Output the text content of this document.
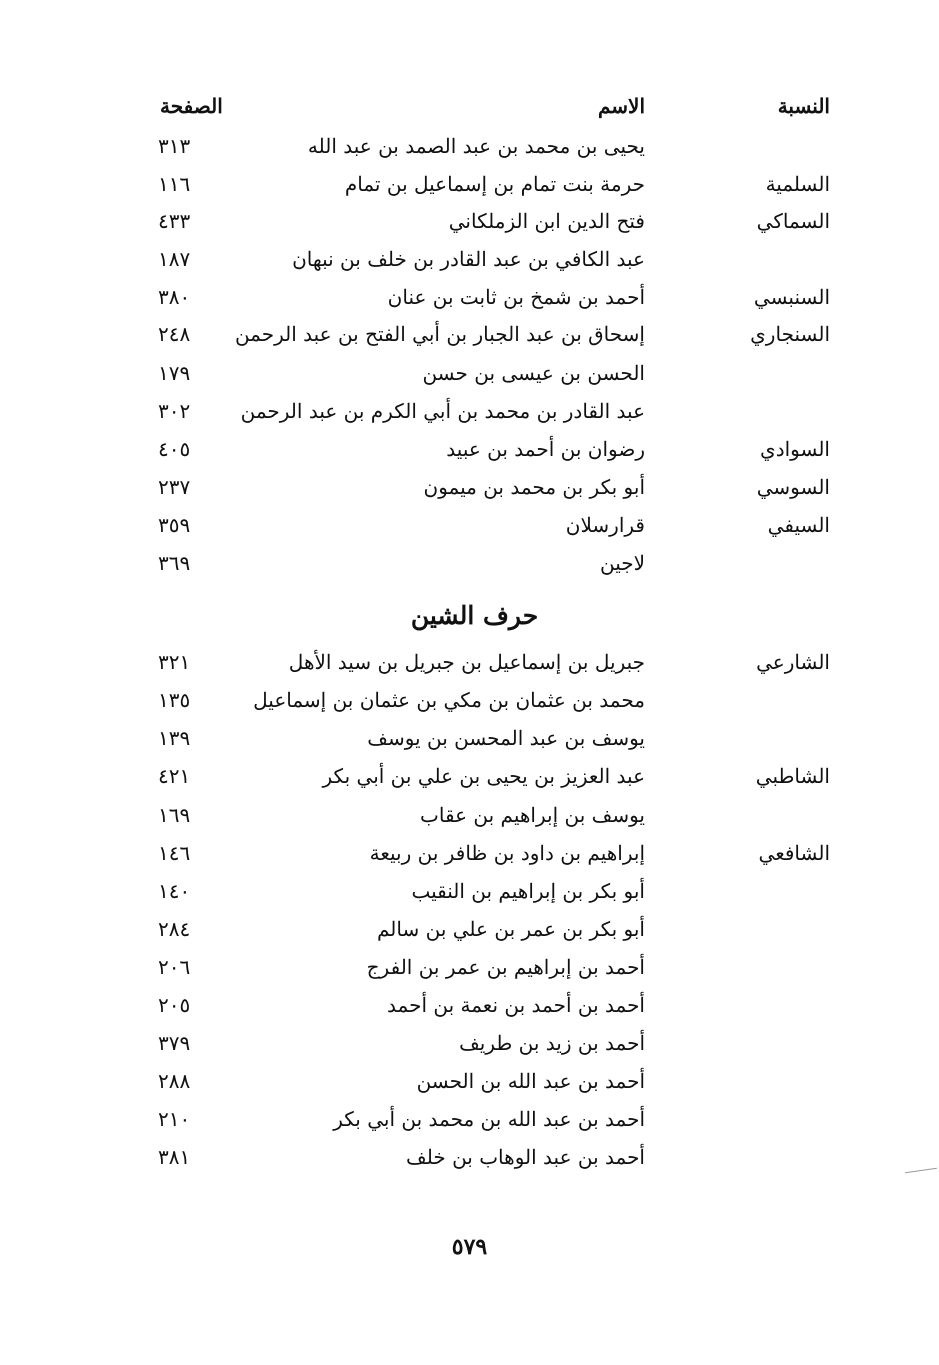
النسبة
الاسم
الصفحة
يحيى بن محمد بن عبد الصمد بن عبد الله
٣١٣
السلمية
حرمة بنت تمام بن إسماعيل بن تمام
١١٦
السماكي
فتح الدين ابن الزملكاني
٤٣٣
عبد الكافي بن عبد القادر بن خلف بن نبهان
١٨٧
السنبسي
أحمد بن شمخ بن ثابت بن عنان
٣٨٠
السنجاري
إسحاق بن عبد الجبار بن أبي الفتح بن عبد الرحمن
٢٤٨
الحسن بن عيسى بن حسن
١٧٩
عبد القادر بن محمد بن أبي الكرم بن عبد الرحمن
٣٠٢
السوادي
رضوان بن أحمد بن عبيد
٤٠٥
السوسي
أبو بكر بن محمد بن ميمون
٢٣٧
السيفي
قرارسلان
٣٥٩
لاجين
٣٦٩
حرف الشين
الشارعي
جبريل بن إسماعيل بن جبريل بن سيد الأهل
٣٢١
محمد بن عثمان بن مكي بن عثمان بن إسماعيل
١٣٥
يوسف بن عبد المحسن بن يوسف
١٣٩
الشاطبي
عبد العزيز بن يحيى بن علي بن أبي بكر
٤٢١
يوسف بن إبراهيم بن عقاب
١٦٩
الشافعي
إبراهيم بن داود بن ظافر بن ربيعة
١٤٦
أبو بكر بن إبراهيم بن النقيب
١٤٠
أبو بكر بن عمر بن علي بن سالم
٢٨٤
أحمد بن إبراهيم بن عمر بن الفرج
٢٠٦
أحمد بن أحمد بن نعمة بن أحمد
٢٠٥
أحمد بن زيد بن طريف
٣٧٩
أحمد بن عبد الله بن الحسن
٢٨٨
أحمد بن عبد الله بن محمد بن أبي بكر
٢١٠
أحمد بن عبد الوهاب بن خلف
٣٨١
٥٧٩
